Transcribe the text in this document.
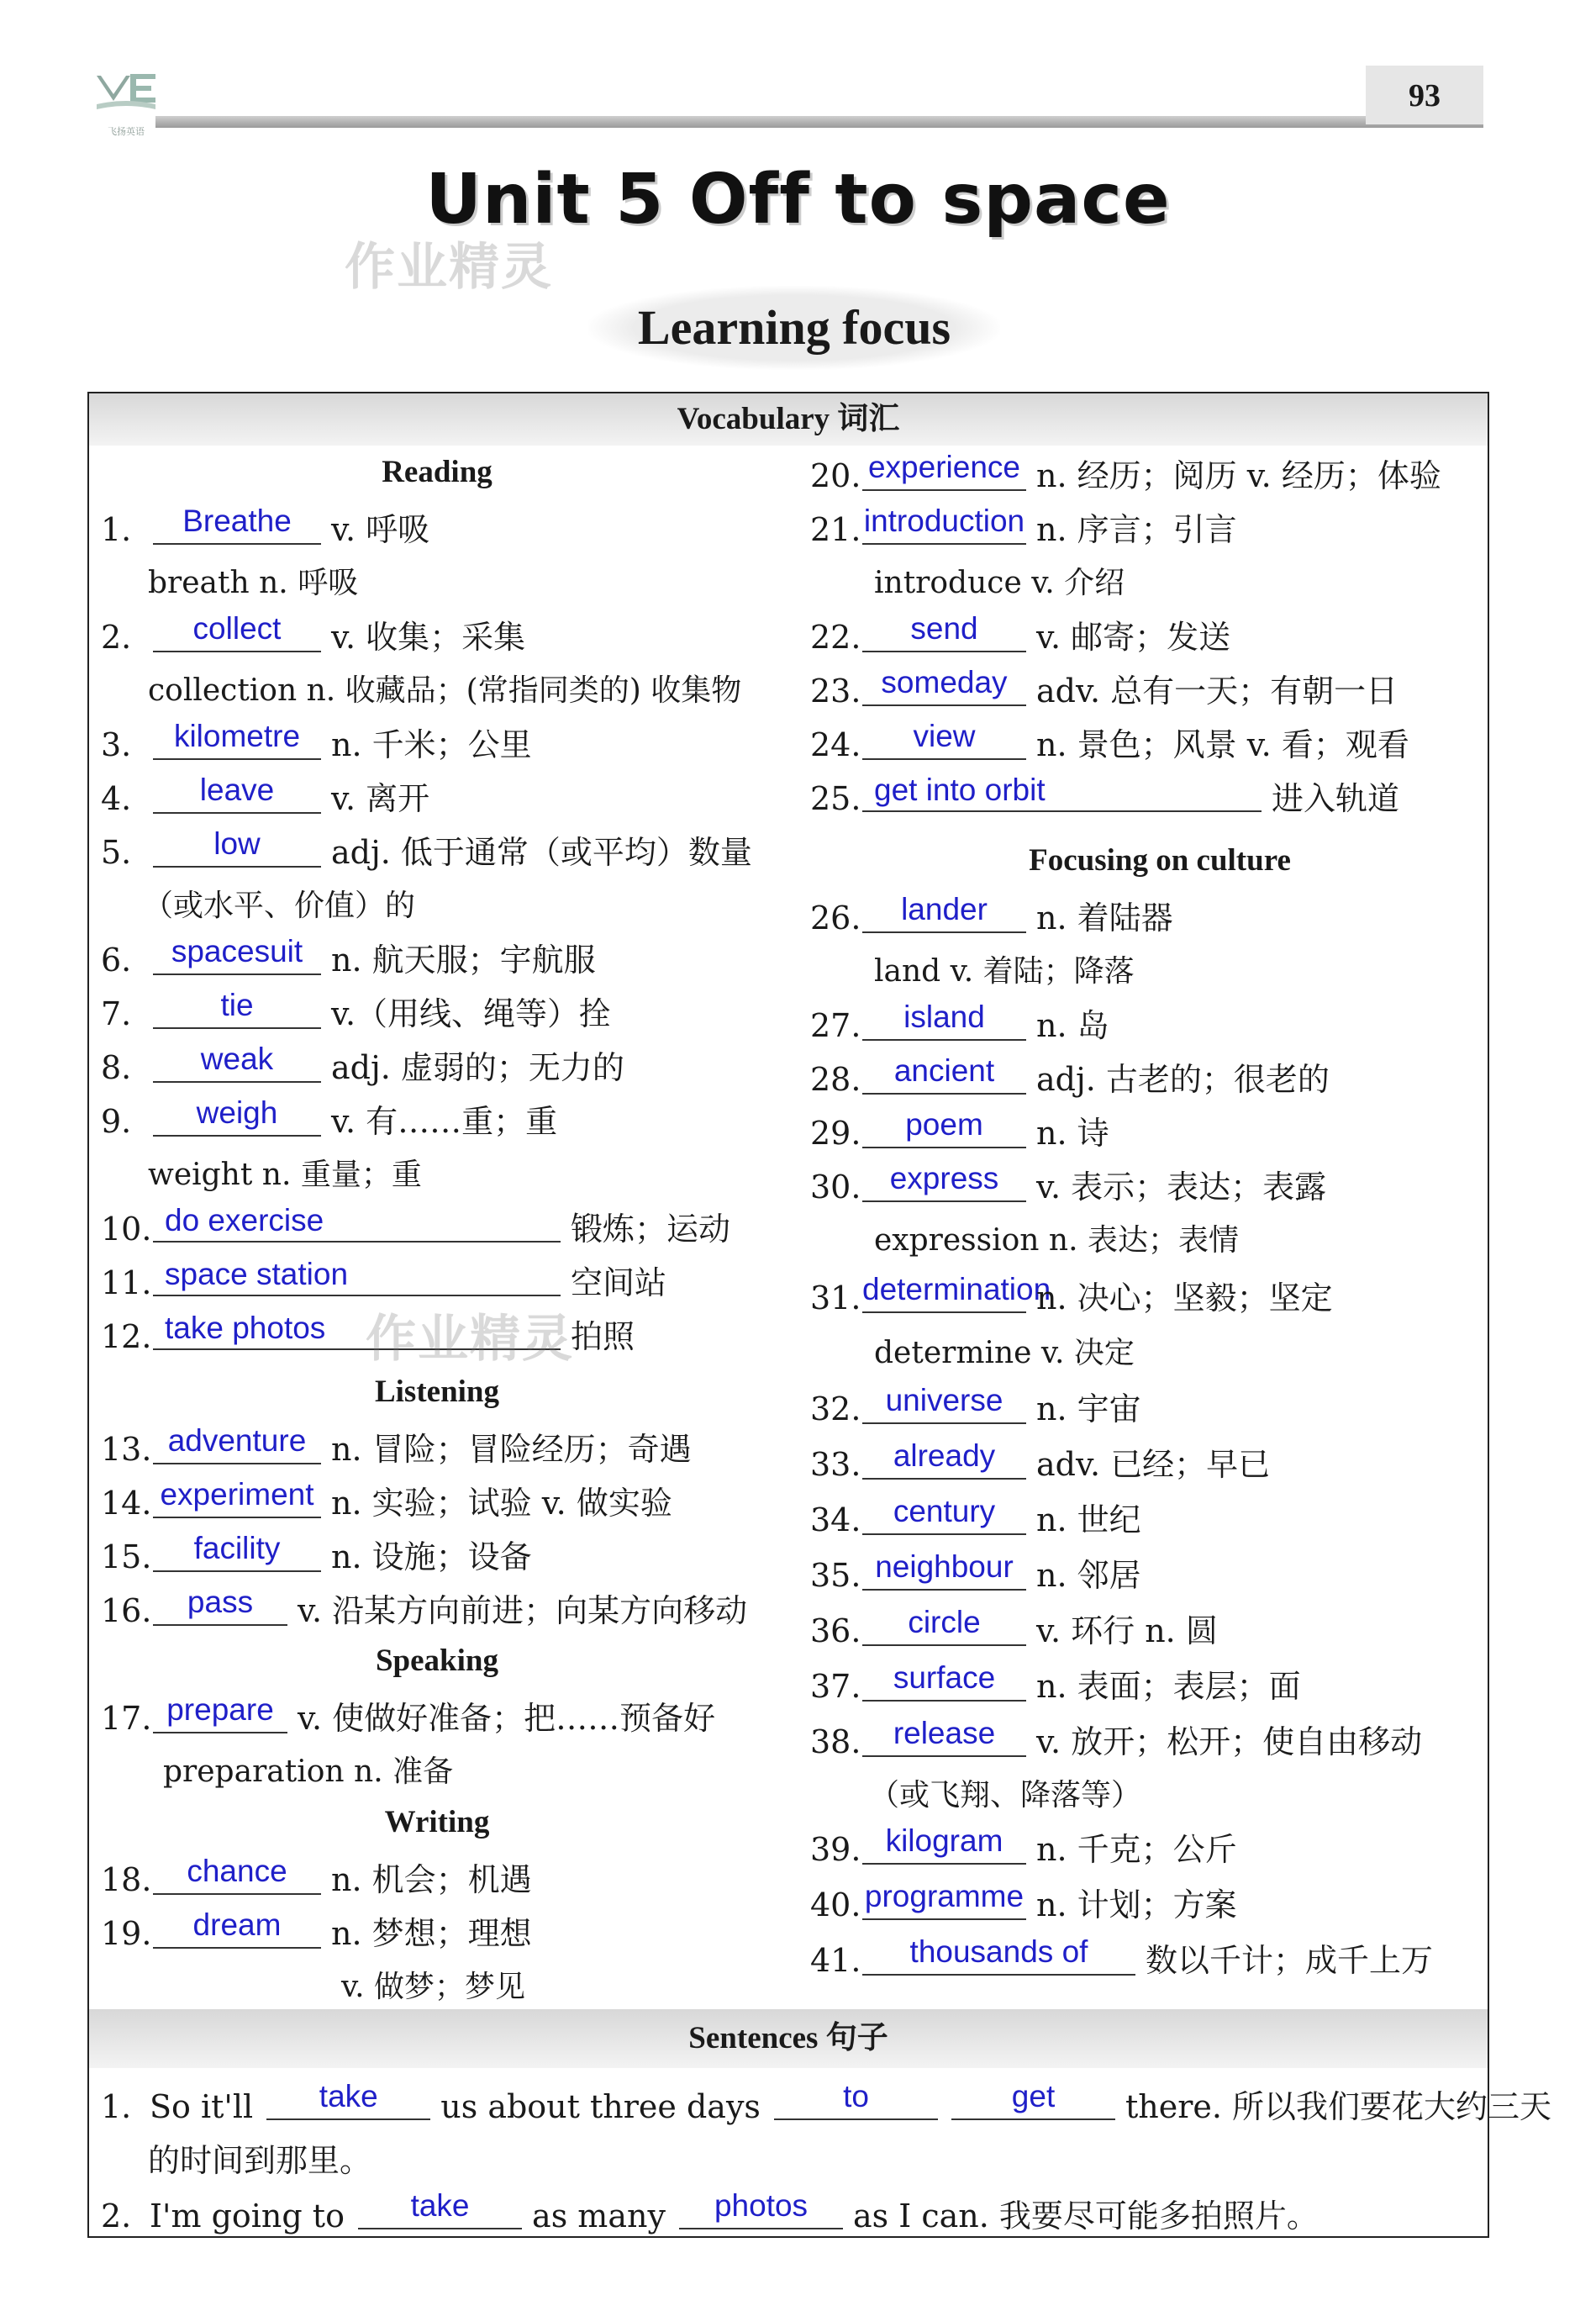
飞扬英语
93
Unit 5 Off to space
作业精灵
Learning focus
Vocabulary 词汇
Sentences 句子
Reading
Listening
Speaking
Writing
Focusing on culture
1. Breathe v. 呼吸
breath n. 呼吸
2. collect v. 收集；采集
collection n. 收藏品；(常指同类的) 收集物
3. kilometre n. 千米；公里
4. leave v. 离开
5.	low adj. 低于通常（或平均）数量
（或水平、价值）的
6. spacesuit n. 航天服；宇航服
7.	tie v.（用线、绳等）拴
8. weak adj. 虚弱的；无力的
9. weigh v. 有……重；重
weight n. 重量；重
10. do exercise	锻炼；运动
11. space station	空间站
12. take photos	拍照
作业精灵
13. adventure n. 冒险；冒险经历；奇遇
14. experiment n. 实验；试验 v. 做实验
15. facility n. 设施；设备
16. pass v. 沿某方向前进；向某方向移动
17. prepare v. 使做好准备；把……预备好
preparation n. 准备
18. chance n. 机会；机遇
19. dream n. 梦想；理想
v. 做梦；梦见
20. experience n. 经历；阅历 v. 经历；体验
21.introduction n. 序言；引言
introduce v. 介绍
22. send v. 邮寄；发送
23. someday adv. 总有一天；有朝一日
24. view n. 景色；风景 v. 看；观看
25. get into orbit	进入轨道
26. lander n. 着陆器
land v. 着陆；降落
27. island n. 岛
28. ancient adj. 古老的；很老的
29. poem n. 诗
30. express v. 表示；表达；表露
expression n. 表达；表情
31.determinationn. 决心；坚毅；坚定
determine v. 决定
32. universe n. 宇宙
33. already adv. 已经；早已
34. century n. 世纪
35. neighbour n. 邻居
36. circle v. 环行 n. 圆
37. surface n. 表面；表层；面
38. release v. 放开；松开；使自由移动
（或飞翔、降落等）
39. kilogram n. 千克；公斤
40. programme n. 计划；方案
41. thousands of 数以千计；成千上万
1. So it'll take us about three days	to	get there. 所以我们要花大约三天
的时间到那里。
2. I'm going to take as many photos as I can. 我要尽可能多拍照片。
